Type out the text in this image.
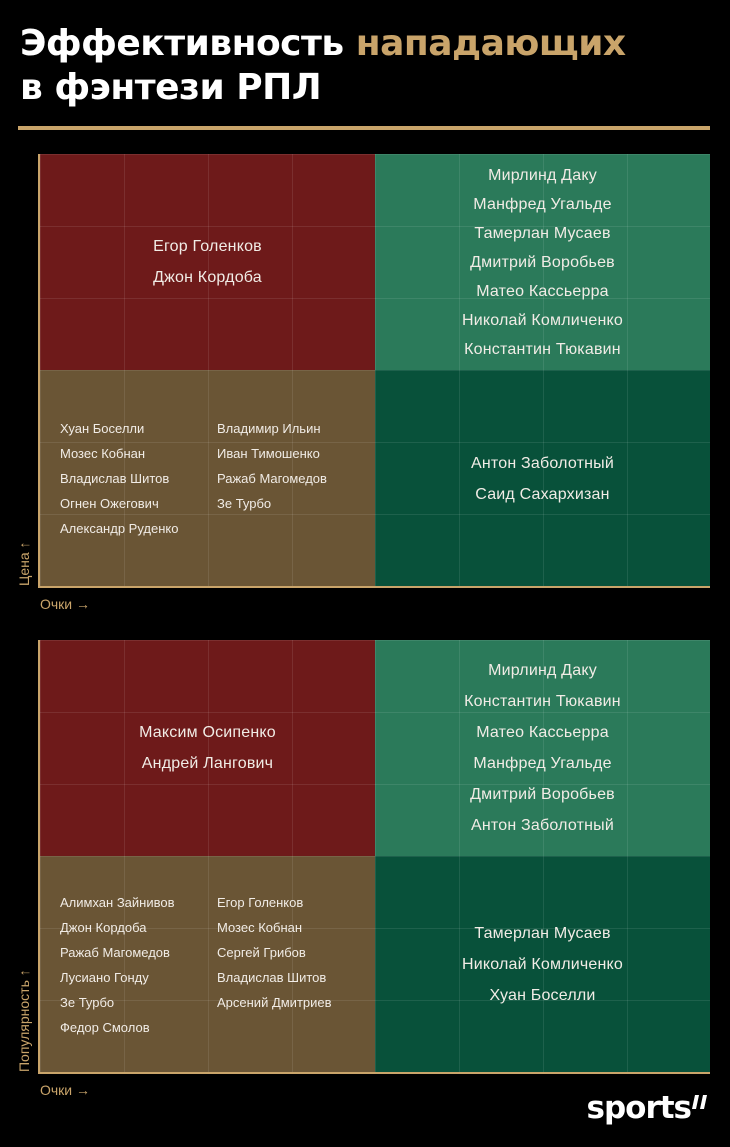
Эффективность нападающих
в фэнтези РПЛ
Егор Голенков
Джон Кордоба
Мирлинд Даку
Манфред Угальде
Тамерлан Мусаев
Дмитрий Воробьев
Матео Кассьерра
Николай Комличенко
Константин Тюкавин
Хуан Боселли
Мозес Кобнан
Владислав Шитов
Огнен Ожегович
Александр Руденко
Владимир Ильин
Иван Тимошенко
Ражаб Магомедов
Зе Турбо
Антон Заболотный
Саид Сахархизан
Очки →
Цена ↑
Максим Осипенко
Андрей Лангович
Мирлинд Даку
Константин Тюкавин
Матео Кассьерра
Манфред Угальде
Дмитрий Воробьев
Антон Заболотный
Алимхан Зайнивов
Джон Кордоба
Ражаб Магомедов
Лусиано Гонду
Зе Турбо
Федор Смолов
Егор Голенков
Мозес Кобнан
Сергей Грибов
Владислав Шитов
Арсений Дмитриев
Тамерлан Мусаев
Николай Комличенко
Хуан Боселли
Очки →
Популярность ↑
sports
